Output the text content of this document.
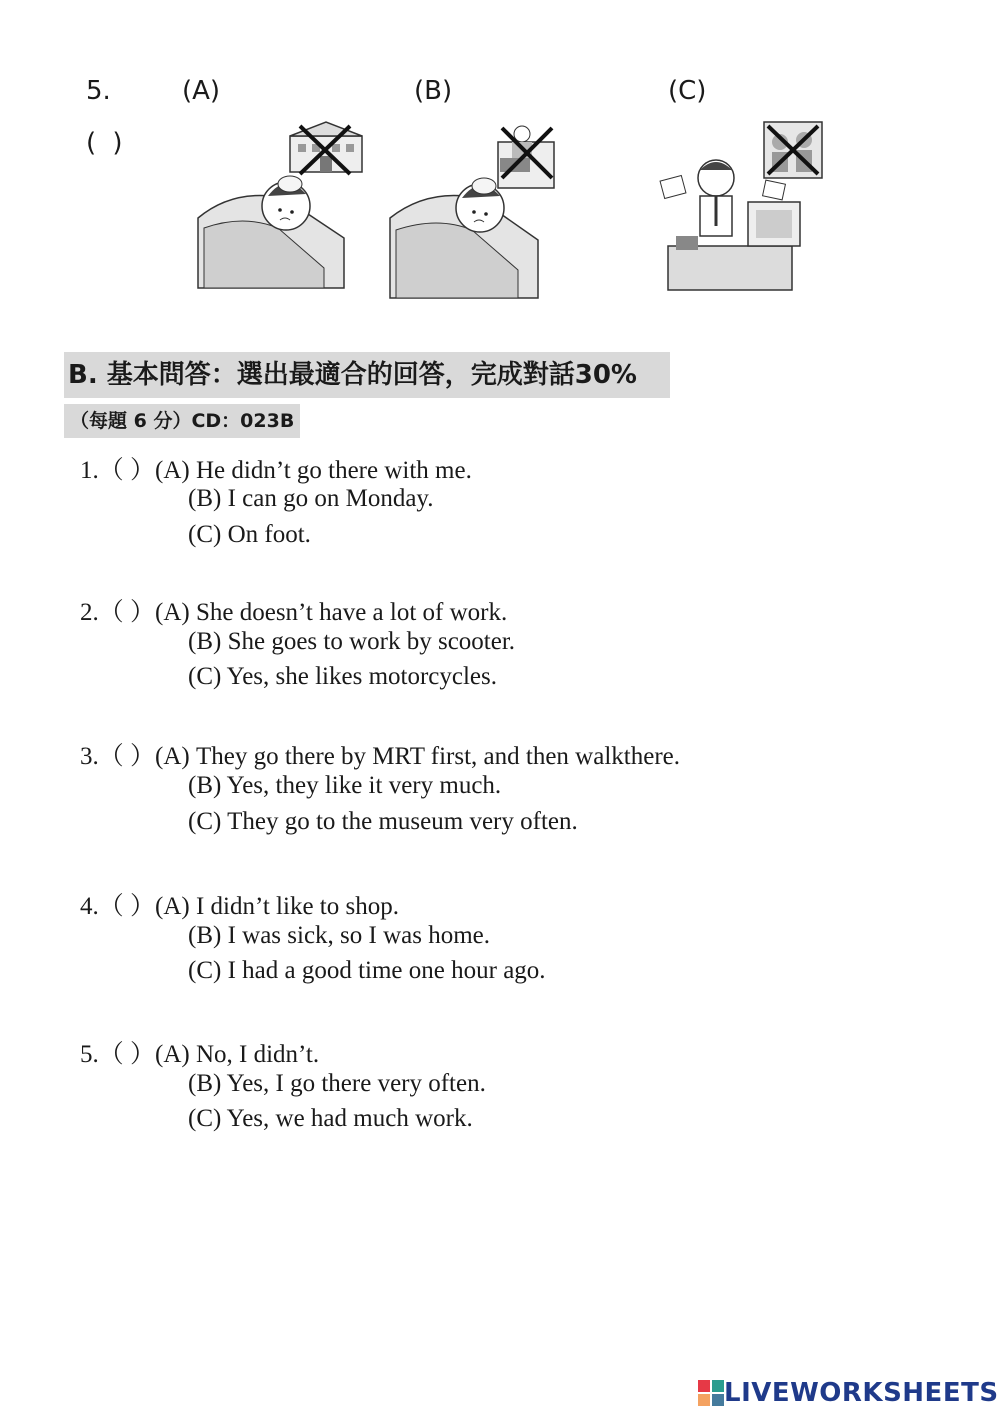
5.
( )
(A)	(B)	(C)
B. 基本問答：選出最適合的回答，完成對話30%
（每題 6 分）CD：023B
1.（ ）(A) He didn’t go there with me.
(B) I can go on Monday.
(C) On foot.
2.（ ）(A) She doesn’t have a lot of work.
(B) She goes to work by scooter.
(C) Yes, she likes motorcycles.
3.（ ）(A) They go there by MRT first, and then walkthere.
(B) Yes, they like it very much.
(C) They go to the museum very often.
4.（ ）(A) I didn’t like to shop.
(B) I was sick, so I was home.
(C) I had a good time one hour ago.
5.（ ）(A) No, I didn’t.
(B) Yes, I go there very often.
(C) Yes, we had much work.
LIVEWORKSHEETS
